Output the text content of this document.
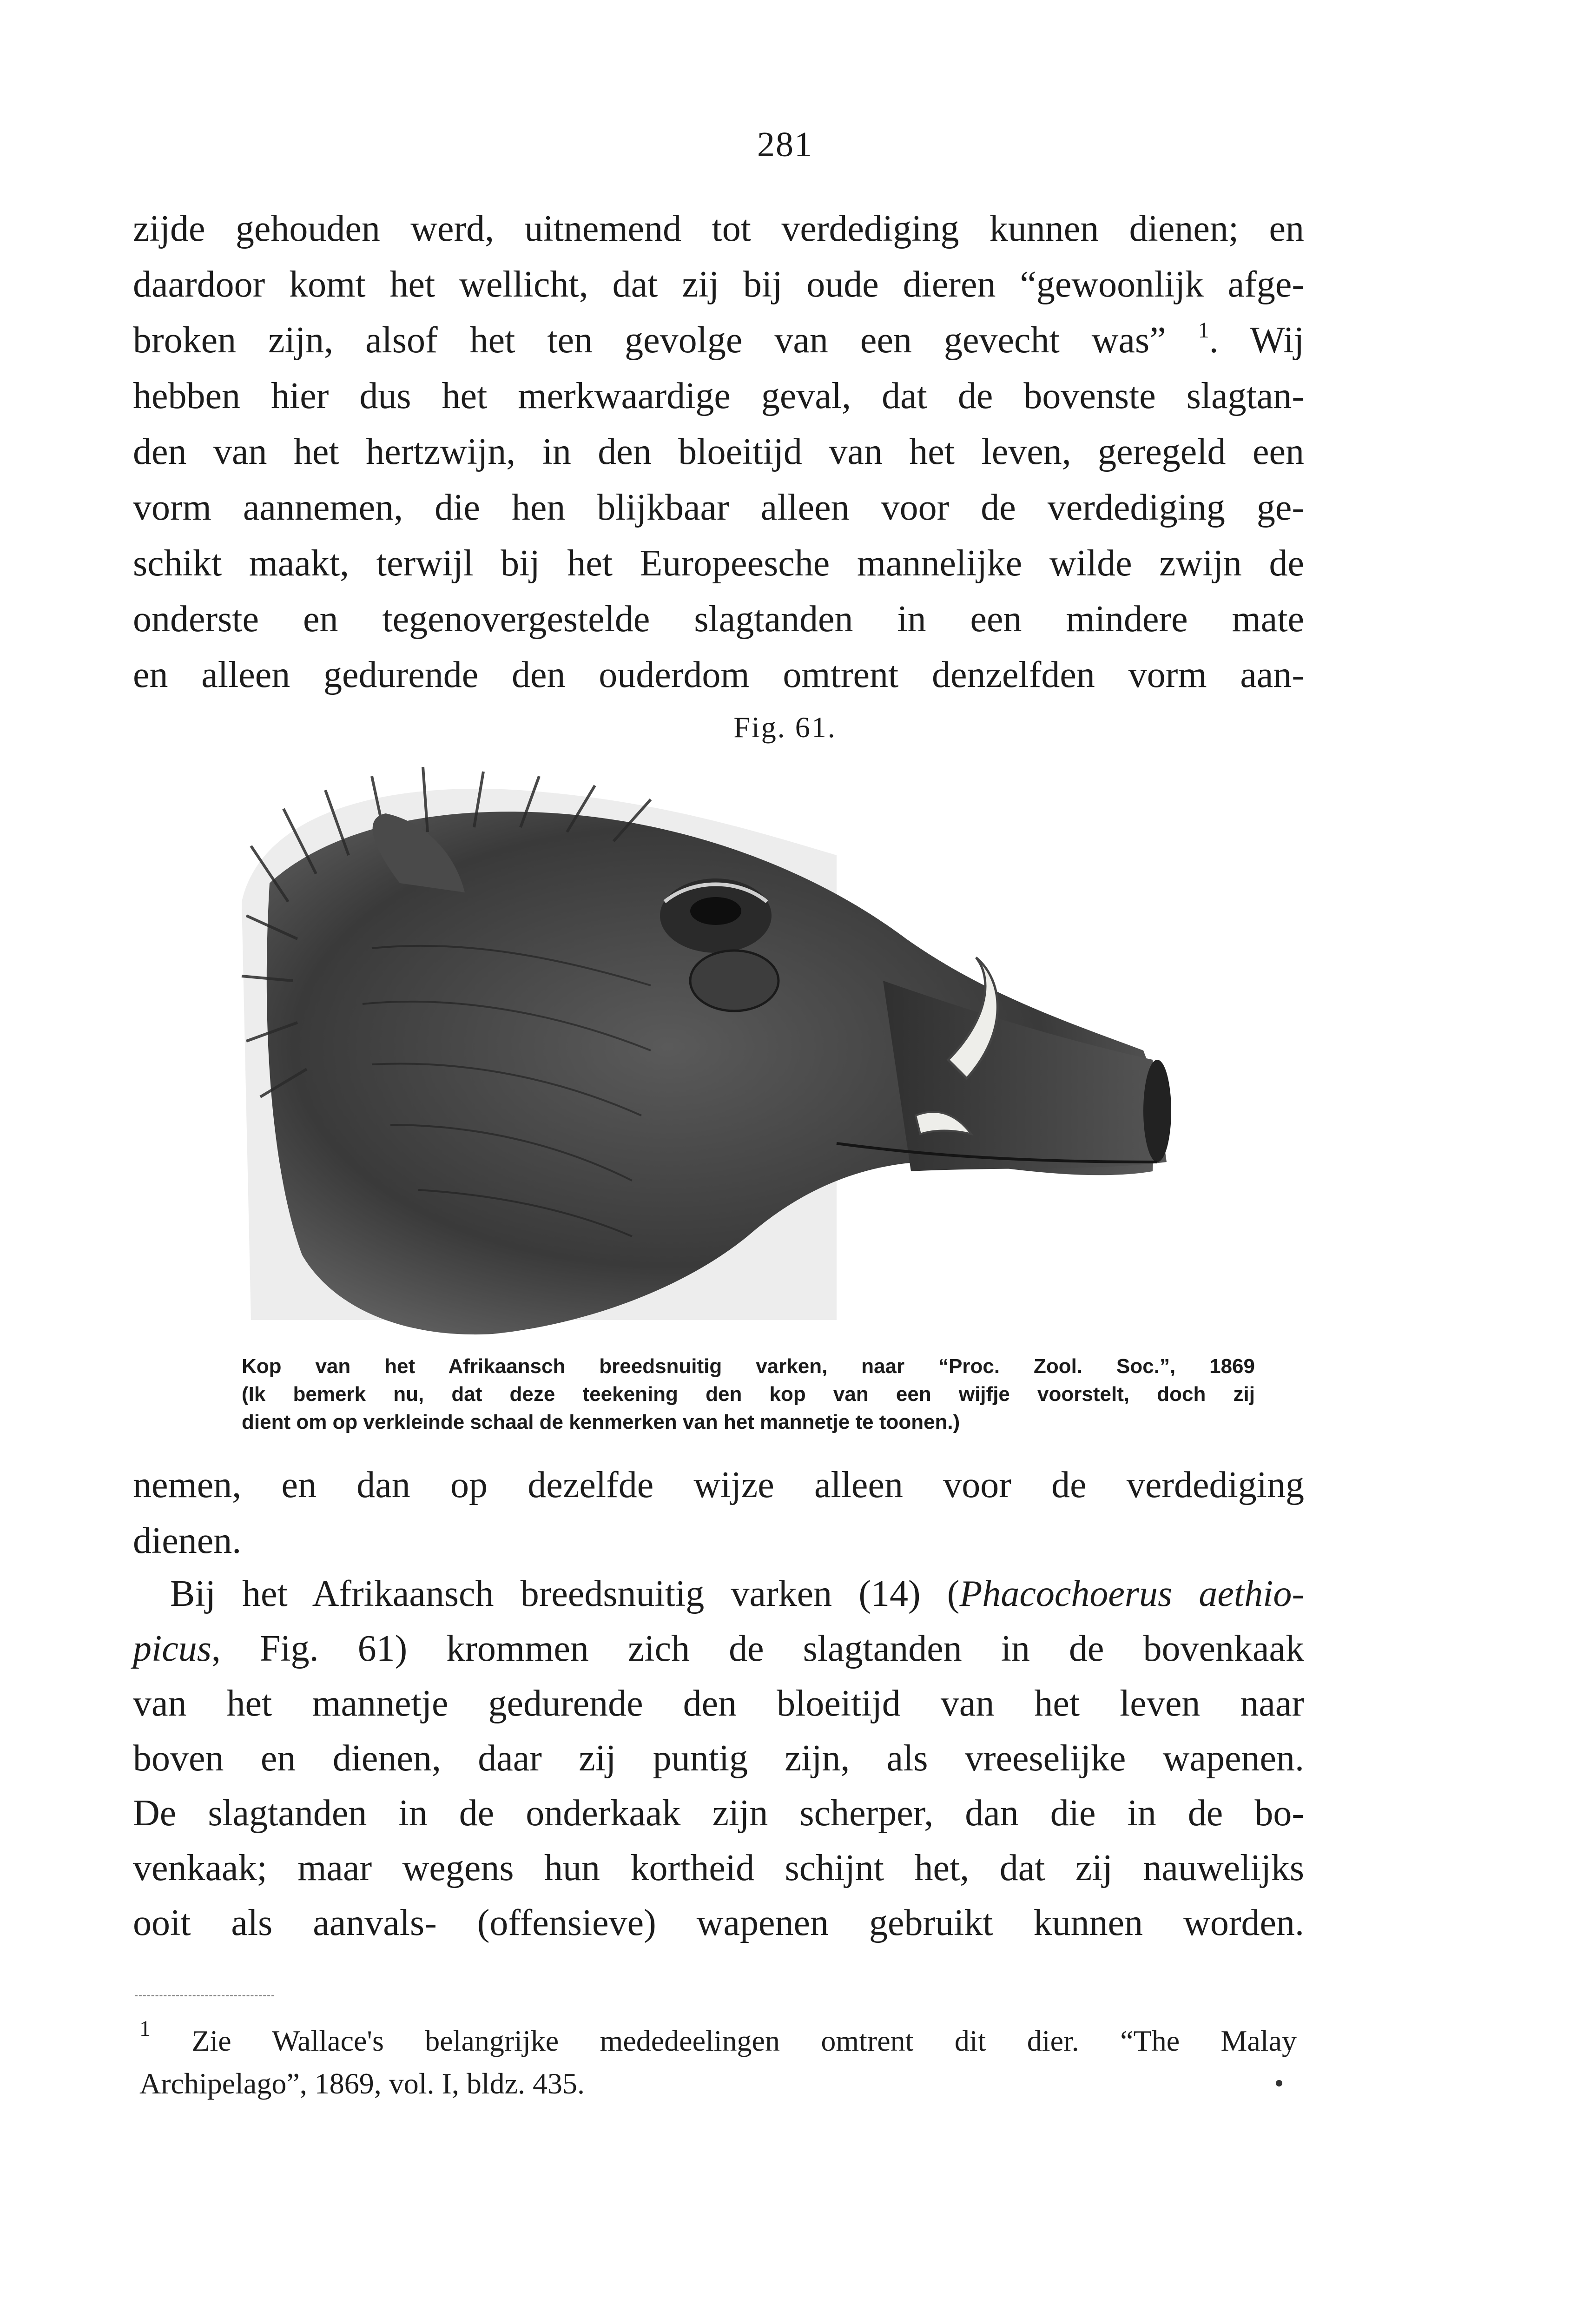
281

zijde gehouden werd, uitnemend tot verdediging kunnen dienen; en
daardoor komt het wellicht, dat zij bij oude dieren “gewoonlijk afge-
broken zijn, alsof het ten gevolge van een gevecht was” $^1$. Wij
hebben hier dus het merkwaardige geval, dat de bovenste slagtan-
den van het hertzwijn, in den bloeitijd van het leven, geregeld een
vorm aannemen, die hen blijkbaar alleen voor de verdediging ge-
schikt maakt, terwijl bij het Europeesche mannelijke wilde zwijn de
onderste en tegenovergestelde slagtanden in een mindere mate
en alleen gedurende den ouderdom omtrent denzelfden vorm aan-

Fig. 61.

Kop van het Afrikaansch breedsnuitig varken, naar “Proc. Zool. Soc.”, 1869
(Ik bemerk nu, dat deze teekening den kop van een wijfje voorstelt, doch zij
dient om op verkleinde schaal de kenmerken van het mannetje te toonen.)

nemen, en dan op dezelfde wijze alleen voor de verdediging
dienen.

 Bij het Afrikaansch breedsnuitig varken (14) (Phacochoerus aethio-
picus, Fig. 61) krommen zich de slagtanden in de bovenkaak
van het mannetje gedurende den bloeitijd van het leven naar
boven en dienen, daar zij puntig zijn, als vreeselijke wapenen.
De slagtanden in de onderkaak zijn scherper, dan die in de bo-
venkaak; maar wegens hun kortheid schijnt het, dat zij nauwelijks
ooit als aanvals- (offensieve) wapenen gebruikt kunnen worden.

$^1$ Zie Wallace's belangrijke mededeelingen omtrent dit dier. “The Malay
Archipelago”, 1869, vol. I, bldz. 435.
